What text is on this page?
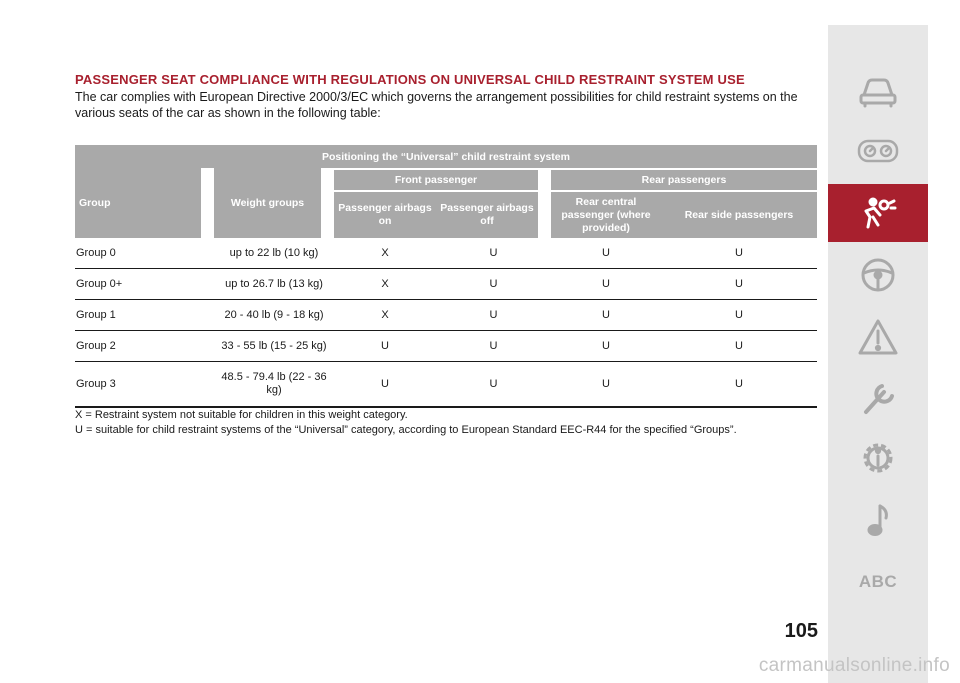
PASSENGER SEAT COMPLIANCE WITH REGULATIONS ON UNIVERSAL CHILD RESTRAINT SYSTEM USE

The car complies with European Directive 2000/3/EC which governs the arrangement possibilities for child restraint systems on the various seats of the car as shown in the following table:

Positioning the “Universal” child restraint system					
Group	Weight groups	Front passenger		Rear passengers	
		Passenger airbags on	Passenger airbags off	Rear central passenger (where provided)	Rear side passengers
Group 0	up to 22 lb (10 kg)	X	U	U	U
Group 0+	up to 26.7 lb (13 kg)	X	U	U	U
Group 1	20 - 40 lb (9 - 18 kg)	X	U	U	U
Group 2	33 - 55 lb (15 - 25 kg)	U	U	U	U
Group 3	48.5 - 79.4 lb (22 - 36 kg)	U	U	U	U

X = Restraint system not suitable for children in this weight category.

U = suitable for child restraint systems of the “Universal” category, according to European Standard EEC-R44 for the specified “Groups”.

ABC
105
carmanualsonline.info
